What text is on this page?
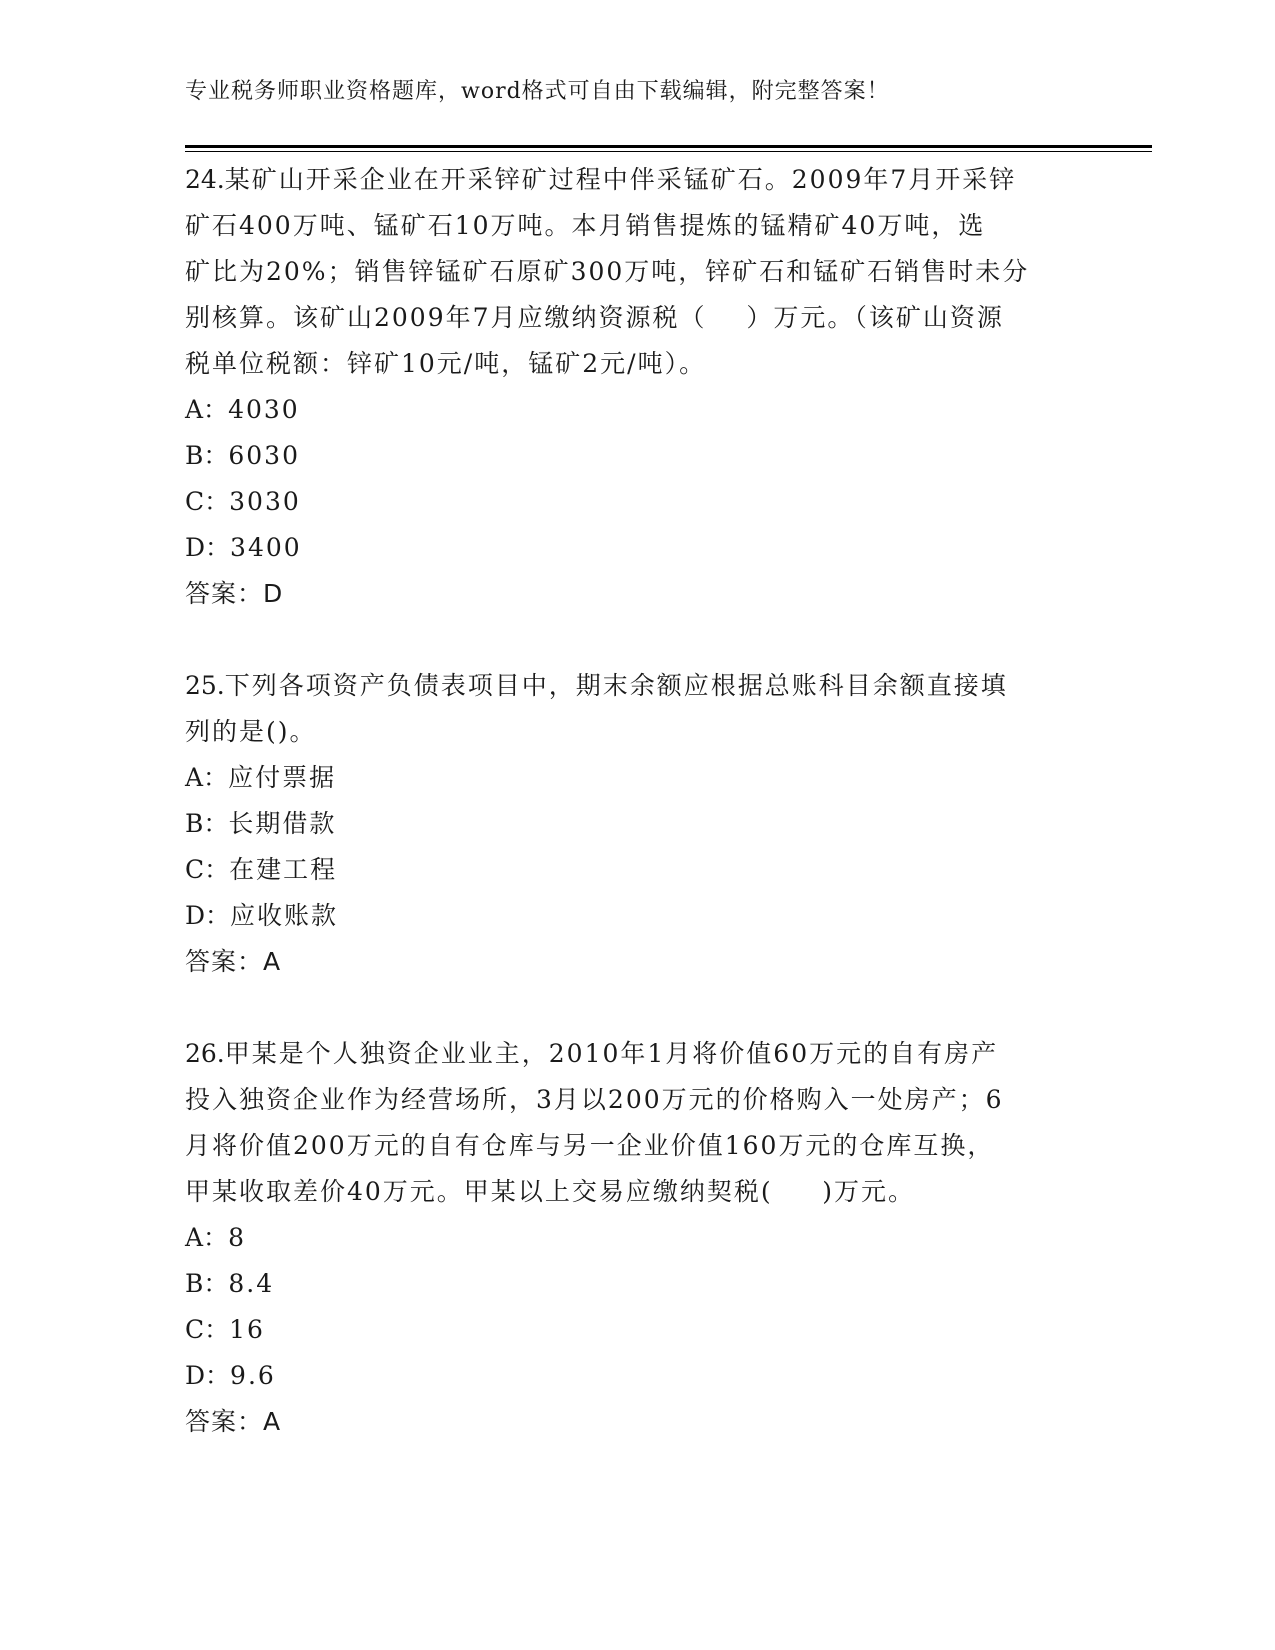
专业税务师职业资格题库，word格式可自由下载编辑，附完整答案！

24.某矿山开采企业在开采锌矿过程中伴采锰矿石。2009年7月开采锌
矿石400万吨、锰矿石10万吨。本月销售提炼的锰精矿40万吨，选
矿比为20%；销售锌锰矿石原矿300万吨，锌矿石和锰矿石销售时未分
别核算。该矿山2009年7月应缴纳资源税（    ）万元。（该矿山资源
税单位税额：锌矿10元/吨，锰矿2元/吨）。

A：4030
B：6030
C：3030
D：3400
答案：D

25.下列各项资产负债表项目中，期末余额应根据总账科目余额直接填
列的是()。

A：应付票据
B：长期借款
C：在建工程
D：应收账款
答案：A

26.甲某是个人独资企业业主，2010年1月将价值60万元的自有房产
投入独资企业作为经营场所，3月以200万元的价格购入一处房产；6
月将价值200万元的自有仓库与另一企业价值160万元的仓库互换，
甲某收取差价40万元。甲某以上交易应缴纳契税(     )万元。

A：8
B：8.4
C：16
D：9.6
答案：A
